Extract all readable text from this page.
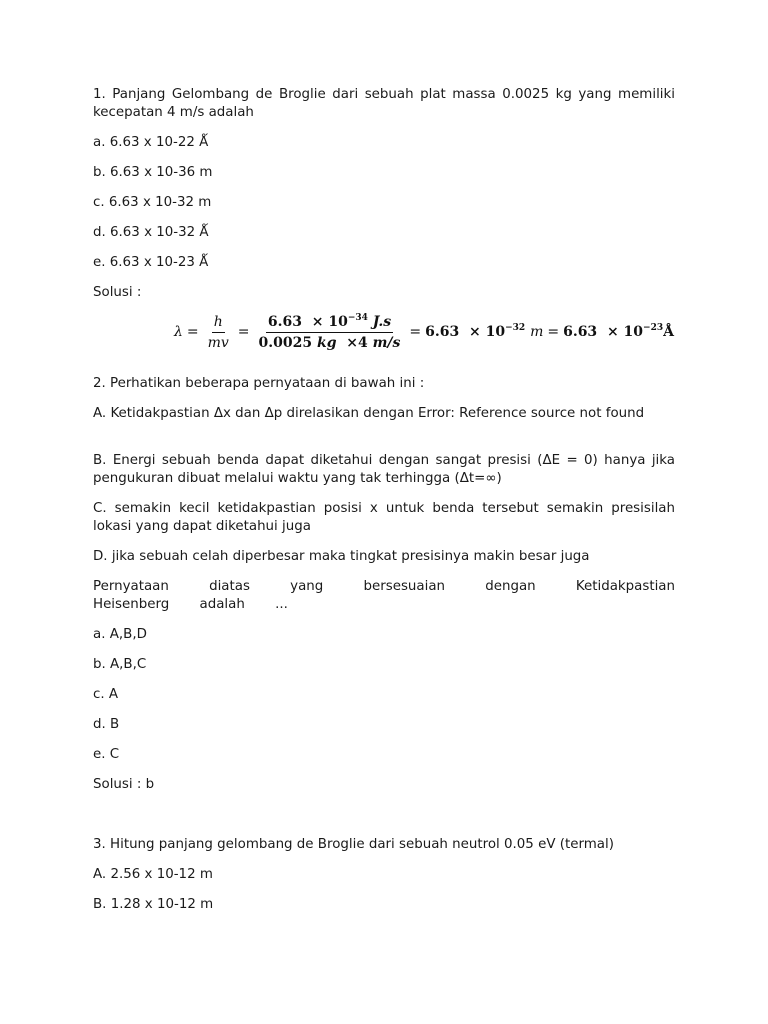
1. Panjang Gelombang de Broglie dari sebuah plat massa 0.0025 kg yang memiliki kecepatan 4 m/s adalah

a. 6.63 x 10-22 Ǻ

b. 6.63 x 10-36 m

c. 6.63 x 10-32 m

d. 6.63 x 10-32 Ǻ

e. 6.63 x 10-23 Ǻ

Solusi :

$\lambda = \frac{h}{mv} = \frac{6.63 \times 10^{-34} J.s}{0.0025 kg \times 4 m/s} = 6.63 \times 10^{-32}$ $m = 6.63 \times 10^{-23}Å$

2. Perhatikan beberapa pernyataan di bawah ini :

A. Ketidakpastian Δx dan Δp direlasikan dengan Error: Reference source not found

B. Energi sebuah benda dapat diketahui dengan sangat presisi (ΔE = 0) hanya jika pengukuran dibuat melalui waktu yang tak terhingga (Δt=∞)

C. semakin kecil ketidakpastian posisi x untuk benda tersebut semakin presisilah lokasi yang dapat diketahui juga

D. jika sebuah celah diperbesar maka tingkat presisinya makin besar juga

Pernyataan diatas yang bersesuaian dengan Ketidakpastian Heisenberg adalah ...

a. A,B,D

b. A,B,C

c. A

d. B

e. C

Solusi : b

3. Hitung panjang gelombang de Broglie dari sebuah neutrol 0.05 eV (termal)

A. 2.56 x 10-12 m

B. 1.28 x 10-12 m
